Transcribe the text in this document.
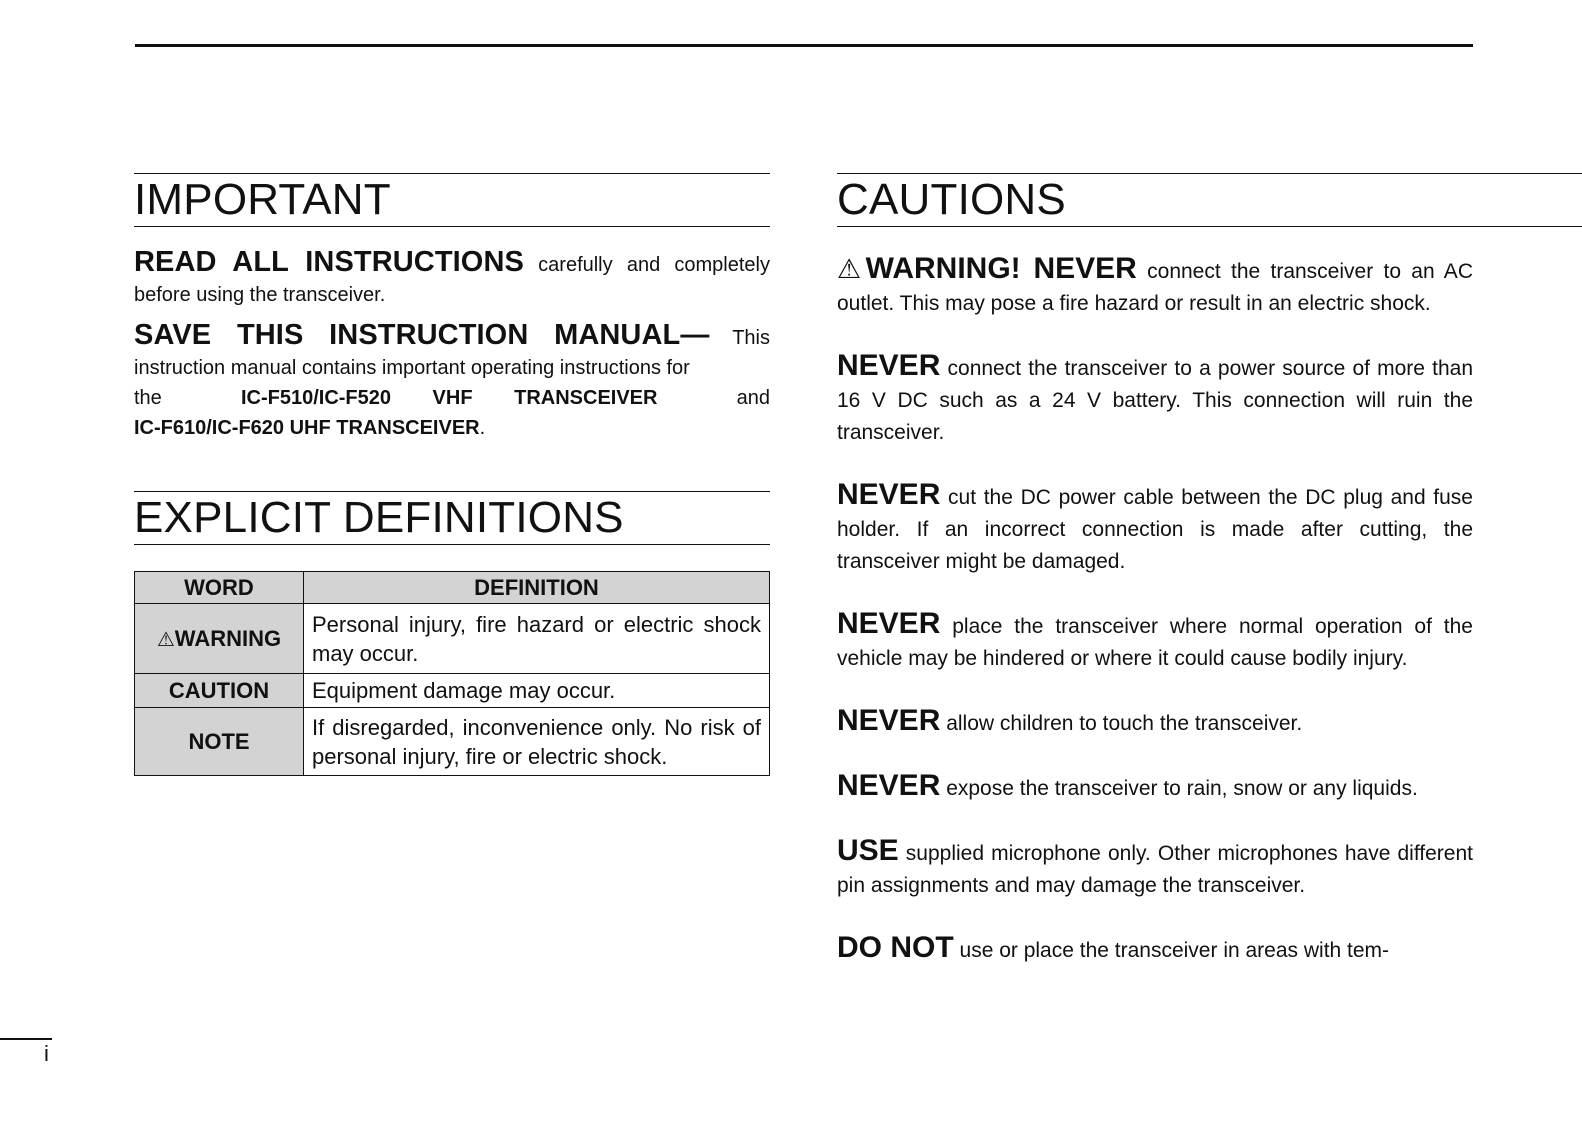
IMPORTANT

READ ALL INSTRUCTIONS carefully and completely before using the transceiver.

SAVE THIS INSTRUCTION MANUAL— This instruction manual contains important operating instructions for

the	IC-F510/IC-F520 VHF TRANSCEIVER	and

IC-F610/IC-F620 UHF TRANSCEIVER.

EXPLICIT DEFINITIONS
WORD	DEFINITION
⚠WARNING	Personal injury, fire hazard or electric shock may occur.
CAUTION	Equipment damage may occur.
NOTE	If disregarded, inconvenience only. No risk of personal injury, fire or electric shock.
CAUTIONS

⚠WARNING! NEVER connect the transceiver to an AC outlet. This may pose a fire hazard or result in an electric shock.

NEVER connect the transceiver to a power source of more than 16 V DC such as a 24 V battery. This connection will ruin the transceiver.

NEVER cut the DC power cable between the DC plug and fuse holder. If an incorrect connection is made after cutting, the transceiver might be damaged.

NEVER place the transceiver where normal operation of the vehicle may be hindered or where it could cause bodily injury.

NEVER allow children to touch the transceiver.

NEVER expose the transceiver to rain, snow or any liquids.

USE supplied microphone only. Other microphones have different pin assignments and may damage the transceiver.

DO NOT use or place the transceiver in areas with tem-

i
